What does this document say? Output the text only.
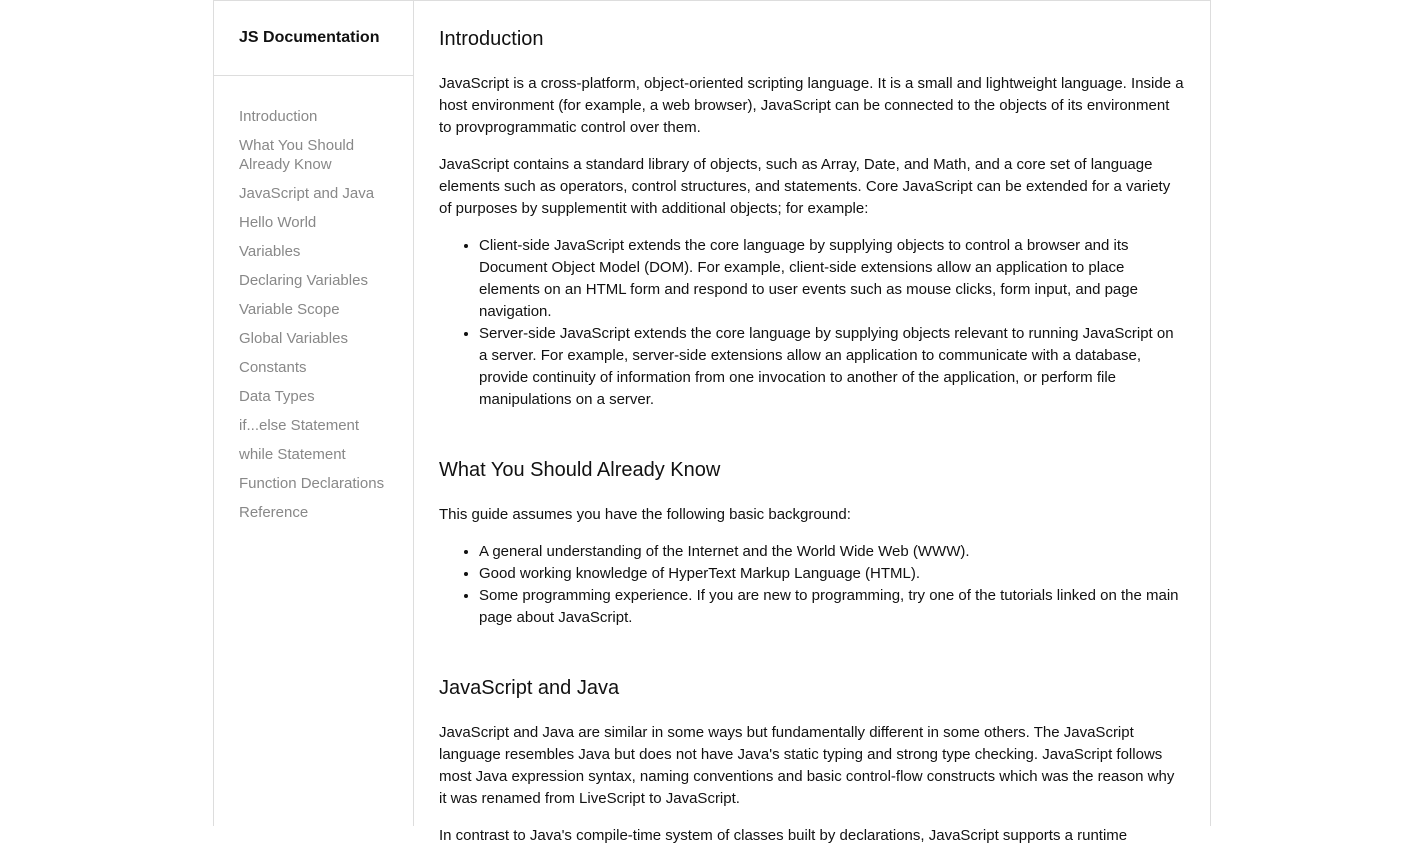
JS Documentation
Introduction
What You Should Already Know
JavaScript and Java
Hello World
Variables
Declaring Variables
Variable Scope
Global Variables
Constants
Data Types
if...else Statement
while Statement
Function Declarations
Reference
Introduction

JavaScript is a cross-platform, object-oriented scripting language. It is a small and lightweight language. Inside a host environment (for example, a web browser), JavaScript can be connected to the objects of its environment to provprogrammatic control over them.

JavaScript contains a standard library of objects, such as Array, Date, and Math, and a core set of language elements such as operators, control structures, and statements. Core JavaScript can be extended for a variety of purposes by supplementit with additional objects; for example:

• Client-side JavaScript extends the core language by supplying objects to control a browser and its Document Object Model (DOM). For example, client-side extensions allow an application to place elements on an HTML form and respond to user events such as mouse clicks, form input, and page navigation.
• Server-side JavaScript extends the core language by supplying objects relevant to running JavaScript on a server. For example, server-side extensions allow an application to communicate with a database, provide continuity of information from one invocation to another of the application, or perform file manipulations on a server.
What You Should Already Know

This guide assumes you have the following basic background:

• A general understanding of the Internet and the World Wide Web (WWW).
• Good working knowledge of HyperText Markup Language (HTML).
• Some programming experience. If you are new to programming, try one of the tutorials linked on the main page about JavaScript.
JavaScript and Java

JavaScript and Java are similar in some ways but fundamentally different in some others. The JavaScript language resembles Java but does not have Java's static typing and strong type checking. JavaScript follows most Java expression syntax, naming conventions and basic control-flow constructs which was the reason why it was renamed from LiveScript to JavaScript.

In contrast to Java's compile-time system of classes built by declarations, JavaScript supports a runtime
